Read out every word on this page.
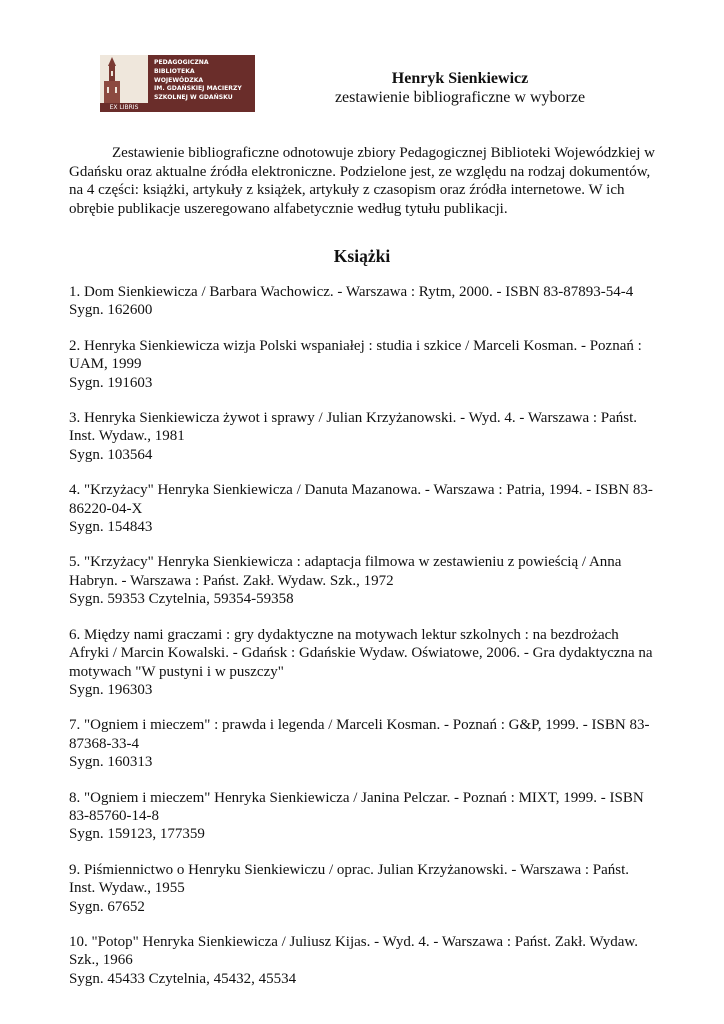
EX LIBRIS
PEDAGOGICZNA
BIBLIOTEKA
WOJEWÓDZKA
IM. GDAŃSKIEJ MACIERZY
SZKOLNEJ W GDAŃSKU
Henryk Sienkiewicz
zestawienie bibliograficzne w wyborze
Zestawienie bibliograficzne odnotowuje zbiory Pedagogicznej Biblioteki Wojewódzkiej w Gdańsku oraz aktualne źródła elektroniczne. Podzielone jest, ze względu na rodzaj dokumentów, na 4 części: książki, artykuły z książek, artykuły z czasopism oraz źródła internetowe. W ich obrębie publikacje uszeregowano alfabetycznie według tytułu publikacji.
Książki
1. Dom Sienkiewicza / Barbara Wachowicz. - Warszawa : Rytm, 2000. - ISBN 83-87893-54-4
Sygn. 162600
2. Henryka Sienkiewicza wizja Polski wspaniałej : studia i szkice / Marceli Kosman. - Poznań : UAM, 1999
Sygn. 191603
3. Henryka Sienkiewicza żywot i sprawy / Julian Krzyżanowski. - Wyd. 4. - Warszawa : Państ. Inst. Wydaw., 1981
Sygn. 103564
4. "Krzyżacy" Henryka Sienkiewicza / Danuta Mazanowa. - Warszawa : Patria, 1994. - ISBN 83-86220-04-X
Sygn. 154843
5. "Krzyżacy" Henryka Sienkiewicza : adaptacja filmowa w zestawieniu z powieścią / Anna Habryn. - Warszawa : Państ. Zakł. Wydaw. Szk., 1972
Sygn. 59353 Czytelnia, 59354-59358
6. Między nami graczami : gry dydaktyczne na motywach lektur szkolnych : na bezdrożach Afryki / Marcin Kowalski. - Gdańsk : Gdańskie Wydaw. Oświatowe, 2006. - Gra dydaktyczna na motywach "W pustyni i w puszczy"
Sygn. 196303
7. "Ogniem i mieczem" : prawda i legenda / Marceli Kosman. - Poznań : G&P, 1999. - ISBN 83-87368-33-4
Sygn. 160313
8. "Ogniem i mieczem" Henryka Sienkiewicza / Janina Pelczar. - Poznań : MIXT, 1999. - ISBN 83-85760-14-8
Sygn. 159123, 177359
9. Piśmiennictwo o Henryku Sienkiewiczu / oprac. Julian Krzyżanowski. - Warszawa : Państ. Inst. Wydaw., 1955
Sygn. 67652
10. "Potop" Henryka Sienkiewicza / Juliusz Kijas. - Wyd. 4. - Warszawa : Państ. Zakł. Wydaw. Szk., 1966
Sygn. 45433 Czytelnia, 45432, 45534
